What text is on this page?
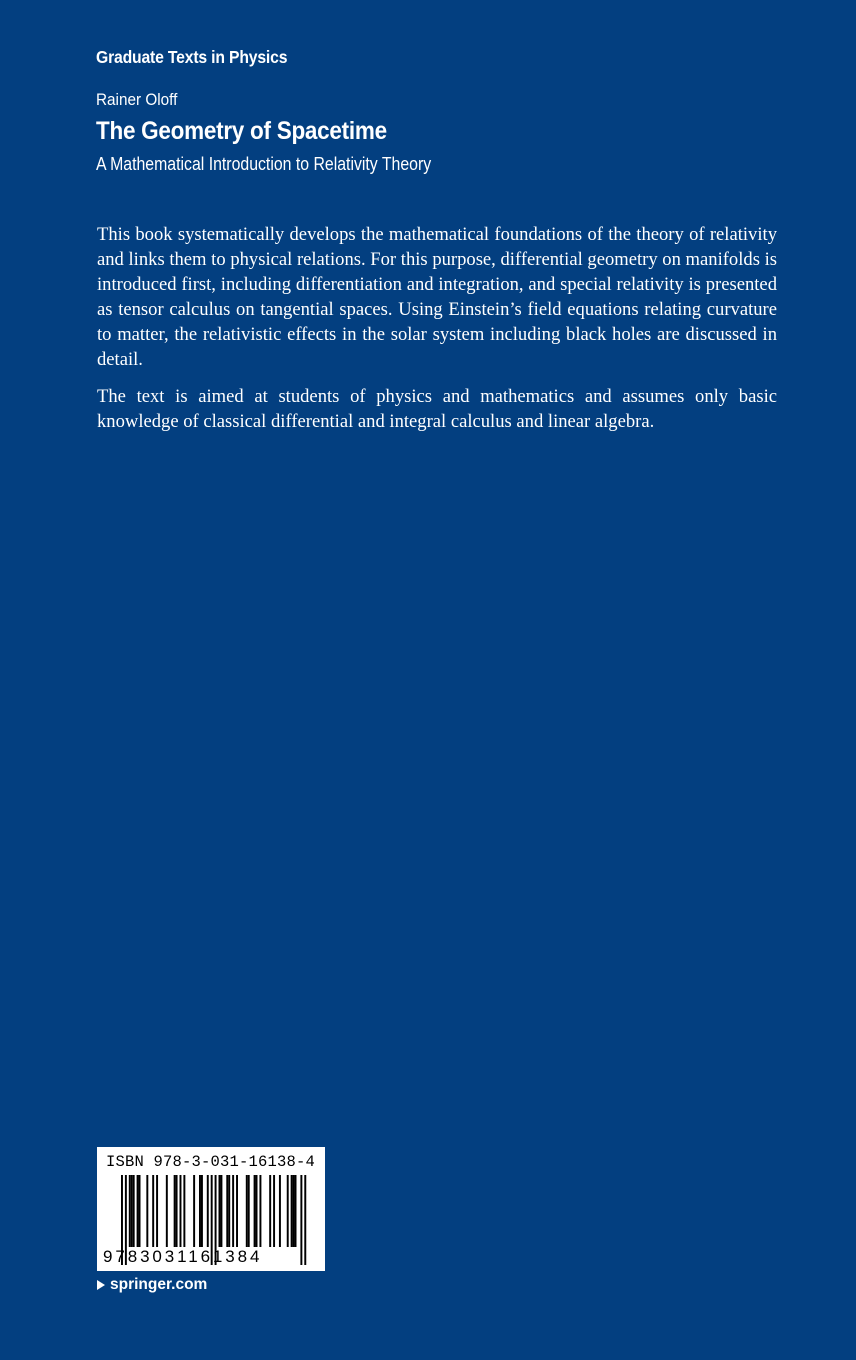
Graduate Texts in Physics
Rainer Oloff
The Geometry of Spacetime
A Mathematical Introduction to Relativity Theory

This book systematically develops the mathematical foundations of the theory of relativity and links them to physical relations. For this purpose, differential geometry on manifolds is introduced first, including differentiation and integration, and special relativity is presented as tensor calculus on tangential spaces. Using Einstein’s field equations relating curvature to matter, the relativistic effects in the solar system including black holes are discussed in detail.

The text is aimed at students of physics and mathematics and assumes only basic knowledge of classical differential and integral calculus and linear algebra.

ISBN 978-3-031-16138-4
9783031161384
springer.com
